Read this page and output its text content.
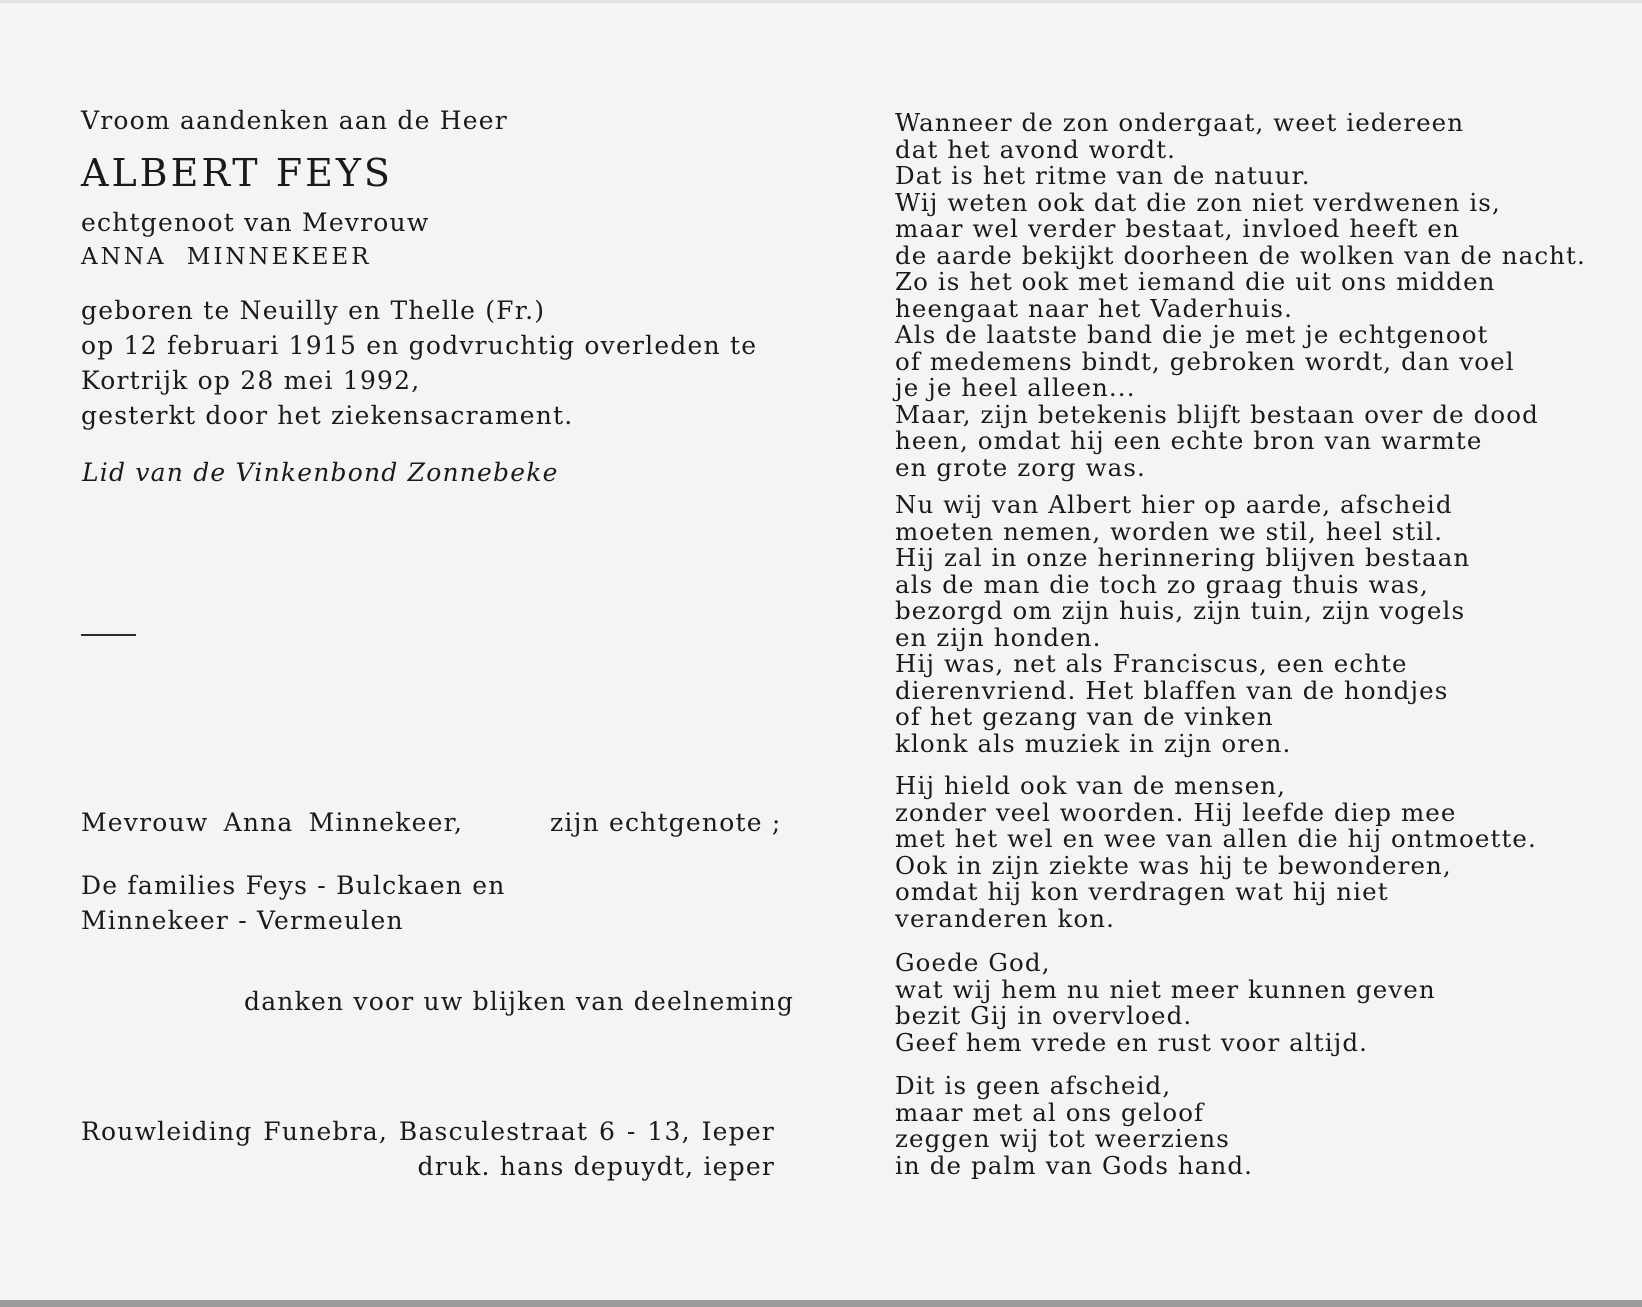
Vroom aandenken aan de Heer
ALBERT FEYS
echtgenoot van Mevrouw
ANNA MINNEKEER
geboren te Neuilly en Thelle (Fr.)
op 12 februari 1915 en godvruchtig overleden te
Kortrijk op 28 mei 1992,
gesterkt door het ziekensacrament.
Lid van de Vinkenbond Zonnebeke
Mevrouw Anna Minnekeer,	zijn echtgenote ;
De families Feys - Bulckaen en
Minnekeer - Vermeulen
danken voor uw blijken van deelneming
Rouwleiding Funebra, Basculestraat 6 - 13, Ieper
druk. hans depuydt, ieper
Wanneer de zon ondergaat, weet iedereen
dat het avond wordt.
Dat is het ritme van de natuur.
Wij weten ook dat die zon niet verdwenen is,
maar wel verder bestaat, invloed heeft en
de aarde bekijkt doorheen de wolken van de nacht.
Zo is het ook met iemand die uit ons midden
heengaat naar het Vaderhuis.
Als de laatste band die je met je echtgenoot
of medemens bindt, gebroken wordt, dan voel
je je heel alleen...
Maar, zijn betekenis blijft bestaan over de dood
heen, omdat hij een echte bron van warmte
en grote zorg was.
Nu wij van Albert hier op aarde, afscheid
moeten nemen, worden we stil, heel stil.
Hij zal in onze herinnering blijven bestaan
als de man die toch zo graag thuis was,
bezorgd om zijn huis, zijn tuin, zijn vogels
en zijn honden.
Hij was, net als Franciscus, een echte
dierenvriend. Het blaffen van de hondjes
of het gezang van de vinken
klonk als muziek in zijn oren.
Hij hield ook van de mensen,
zonder veel woorden. Hij leefde diep mee
met het wel en wee van allen die hij ontmoette.
Ook in zijn ziekte was hij te bewonderen,
omdat hij kon verdragen wat hij niet
veranderen kon.
Goede God,
wat wij hem nu niet meer kunnen geven
bezit Gij in overvloed.
Geef hem vrede en rust voor altijd.
Dit is geen afscheid,
maar met al ons geloof
zeggen wij tot weerziens
in de palm van Gods hand.
